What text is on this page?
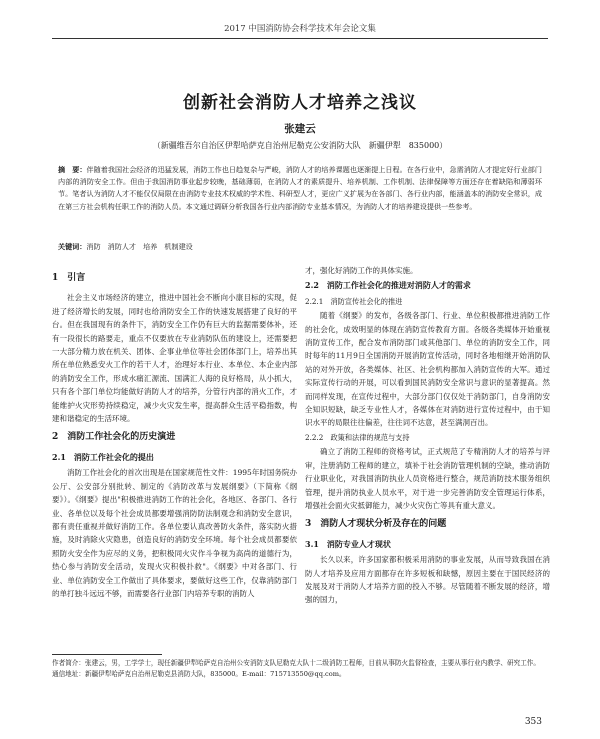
2017 中国消防协会科学技术年会论文集
创新社会消防人才培养之浅议
张建云
（新疆维吾尔自治区伊犁哈萨克自治州尼勒克公安消防大队　新疆伊犁　835000）
摘　要：伴随着我国社会经济的迅猛发展，消防工作也日趋复杂与严峻，消防人才的培养课题也逐渐提上日程。在各行业中，急需消防人才提定好行业部门内部的消防安全工作。但由于我国消防事业起步较晚，基础薄弱，在消防人才的素质提升、培养机制、工作机制、法律保障等方面还存在着缺陷和薄弱环节。笔者认为消防人才不能仅仅局限在由消防专业技术权威的学术性、科研型人才，更应广义扩展为在各部门、各行业内部，能涵盖本的消防安全常识，成在第三方社会机构任职工作的消防人员。本文通过调研分析我国各行业内部消防专业基本情况，为消防人才的培养建设提供一些参考。
关键词：消防　消防人才　培养　机制建设
1　引言

社会主义市场经济的建立，推进中国社会不断向小康目标的实现，促进了经济增长的发展，同时也给消防安全工作的快速发展搭建了良好的平台。但在我国现有的条件下，消防安全工作仍有巨大的监据需要体补，还有一段很长的路要走，重点不仅要放在专业消防队伍的建设上，还需要把一大部分精力放在机关、团体、企事业单位等社会团体部门上，培养出其所在单位熟悉安火工作的若干人才，治理好本行业、本单位、本企业内部的消防安全工作，形成水痛汇源流、国满汇人海的良好格局，从小抓大，只有各个部门单位均能做好消防人才的培养，分管行内部的消火工作，才能维护火灾形势持续稳定，减少火灾发生率，提高群众生活平稳指数，构建和谐稳定的生活环境。

2　消防工作社会化的历史演进
2.1　消防工作社会化的提出

消防工作社会化的首次出现是在国家规范性文件：1995年时国务院办公厅、公安部分别批转、制定的《消防改革与发展纲要》（下简称《纲要》）。《纲要》提出"积极推进消防工作的社会化，各地区、各部门、各行业、各单位以及每个社会成员都要增强消防防法制观念和消防安全意识，都有责任重视并做好消防工作。各单位要认真改善防火条件，落实防火措施，及时消除火灾隐患，创造良好的消防安全环境。每个社会成员都要依照防火安全作为应尽的义务，把积极同火灾作斗争视为高尚的道德行为，热心参与消防安全活动，发现火灾积极扑救"。《纲要》中对各部门、行业、单位消防安全工作做出了具体要求，要做好这些工作，仅靠消防部门的单打独斗远远不够，而需要各行业部门内培养专职的消防人

才，强化好消防工作的具体实施。

2.2　消防工作社会化的推进对消防人才的需求
2.2.1　消防宣传社会化的推进

随着《纲要》的发布，各级各部门、行业、单位积极都推进消防工作的社会化，成效明显的体现在消防宣传教育方面。各级各类媒体开始重视消防宣传工作，配合发布消防部门或其他部门、单位的消防安全工作，同时每年的11月9日全国消防开展消防宣传活动，同时各地相继开始消防队站的对外开放，各类媒体、社区、社会机构都加入消防宣传的大军。通过实际宣传行动的开展，可以看到国民消防安全常识与意识的显著提高。然而同样发现，在宣传过程中，大部分部门仅仅处于消防部门，自身消防安全知识短缺，缺乏专业性人才，各媒体在对消防进行宣传过程中，由于知识水平的局限往往偏差，往往词不达意，甚至满洞百出。

2.2.2　政策和法律的规范与支持

确立了消防工程师的资格考试，正式规范了专精消防人才的培养与评审，注册消防工程师的建立，填补于社会消防管理机制的空缺，推动消防行业职业化，对我国消防执业人员资格进行整合，规范消防技术服务组织管理，提升消防执业人员水平，对于进一步完善消防安全管理运行体系，增强社会面火灾抵御能力，减少火灾伤亡等具有重大意义。

3　消防人才现状分析及存在的问题
3.1　消防专业人才现状

长久以来，许多国家都积极采用消防的事业发展，从而导致我国在消防人才培养及应用方面都存在许多短板和缺憾，原因主要在于国民经济的发展及对于消防人才培养方面的投入不够。尽管随着不断发展的经济，增强的国力，

作者简介：张建云，男，工学学士，现任新疆伊犁哈萨克自治州公安消防支队尼勒克大队十二级消防工程师，目前从事防火监督检查，主要从事行业内教学、研究工作。通信地址：新疆伊犁哈萨克自治州尼勒克县消防大队，835000。E-mail：715713550@qq.com。
353
